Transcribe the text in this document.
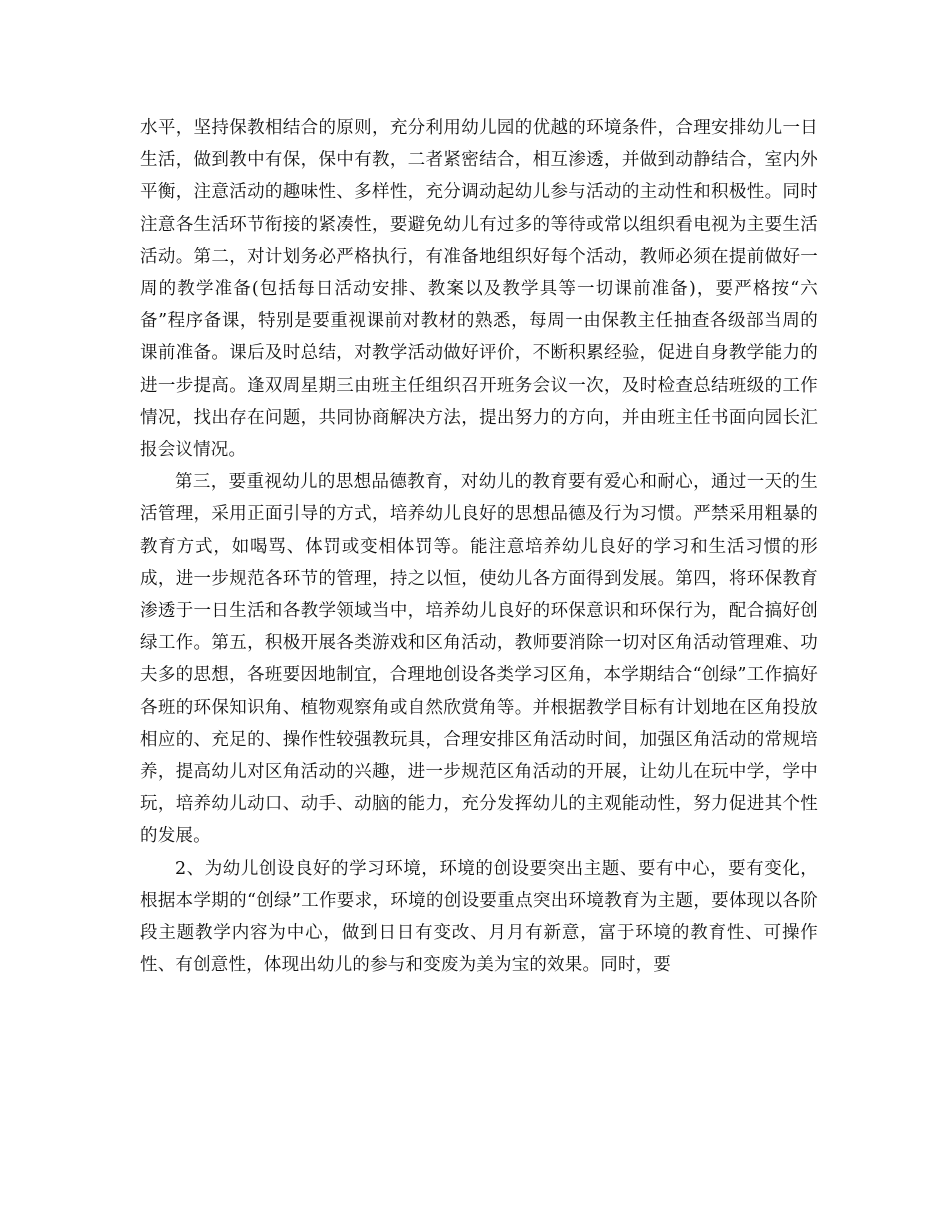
水平，坚持保教相结合的原则，充分利用幼儿园的优越的环境条件，合理安排幼儿一日生活，做到教中有保，保中有教，二者紧密结合，相互渗透，并做到动静结合，室内外平衡，注意活动的趣味性、多样性，充分调动起幼儿参与活动的主动性和积极性。同时注意各生活环节衔接的紧凑性，要避免幼儿有过多的等待或常以组织看电视为主要生活活动。第二，对计划务必严格执行，有准备地组织好每个活动，教师必须在提前做好一周的教学准备(包括每日活动安排、教案以及教学具等一切课前准备)，要严格按“六备”程序备课，特别是要重视课前对教材的熟悉，每周一由保教主任抽查各级部当周的课前准备。课后及时总结，对教学活动做好评价，不断积累经验，促进自身教学能力的进一步提高。逢双周星期三由班主任组织召开班务会议一次，及时检查总结班级的工作情况，找出存在问题，共同协商解决方法，提出努力的方向，并由班主任书面向园长汇报会议情况。

第三，要重视幼儿的思想品德教育，对幼儿的教育要有爱心和耐心，通过一天的生活管理，采用正面引导的方式，培养幼儿良好的思想品德及行为习惯。严禁采用粗暴的教育方式，如喝骂、体罚或变相体罚等。能注意培养幼儿良好的学习和生活习惯的形成，进一步规范各环节的管理，持之以恒，使幼儿各方面得到发展。第四，将环保教育渗透于一日生活和各教学领域当中，培养幼儿良好的环保意识和环保行为，配合搞好创绿工作。第五，积极开展各类游戏和区角活动，教师要消除一切对区角活动管理难、功夫多的思想，各班要因地制宜，合理地创设各类学习区角，本学期结合“创绿”工作搞好各班的环保知识角、植物观察角或自然欣赏角等。并根据教学目标有计划地在区角投放相应的、充足的、操作性较强教玩具，合理安排区角活动时间，加强区角活动的常规培养，提高幼儿对区角活动的兴趣，进一步规范区角活动的开展，让幼儿在玩中学，学中玩，培养幼儿动口、动手、动脑的能力，充分发挥幼儿的主观能动性，努力促进其个性的发展。

2、为幼儿创设良好的学习环境，环境的创设要突出主题、要有中心，要有变化，根据本学期的“创绿”工作要求，环境的创设要重点突出环境教育为主题，要体现以各阶段主题教学内容为中心，做到日日有变改、月月有新意，富于环境的教育性、可操作性、有创意性，体现出幼儿的参与和变废为美为宝的效果。同时，要
